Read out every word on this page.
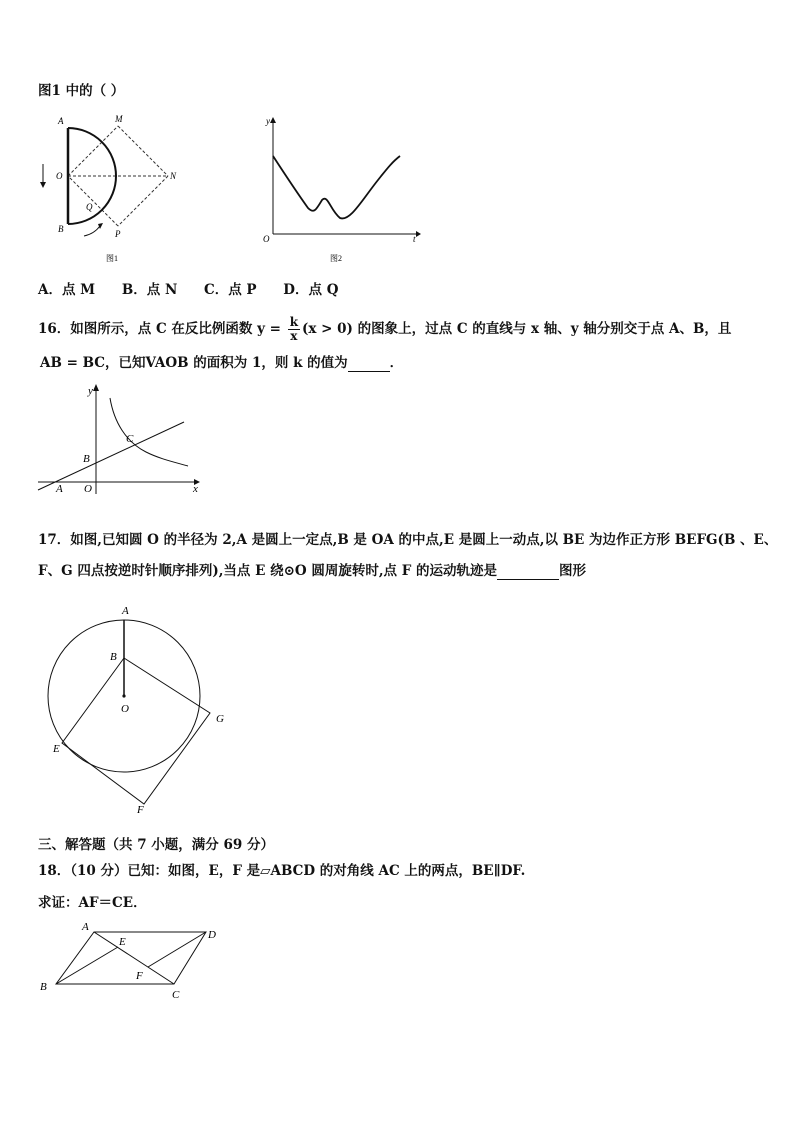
图1 中的（ ）
A	M
O	N
Q
B	P
图1
y
O	t
图2
A．点 M B．点 N C．点 P D．点 Q
16．如图所示，点 C 在反比例函数 $y = \frac{k}{x} (x > 0)$ 的图象上，过点 C 的直线与 x 轴、y 轴分别交于点 A、B，且
AB = BC，已知VAOB 的面积为 1，则 k 的值为	．
y
C
B
A O	x
17．如图,已知圆 O 的半径为 2,A 是圆上一定点,B 是 OA 的中点,E 是圆上一动点,以 BE 为边作正方形 BEFG(B 、E、
F、G 四点按逆时针顺序排列),当点 E 绕⊙O 圆周旋转时,点 F 的运动轨迹是	图形
A
B
O
G
E
F
三、解答题（共 7 小题，满分 69 分）
18．（10 分）已知：如图，E，F 是▱ABCD 的对角线 AC 上的两点，BE∥DF.
求证：AF＝CE．
A
E
D
F
B
C
